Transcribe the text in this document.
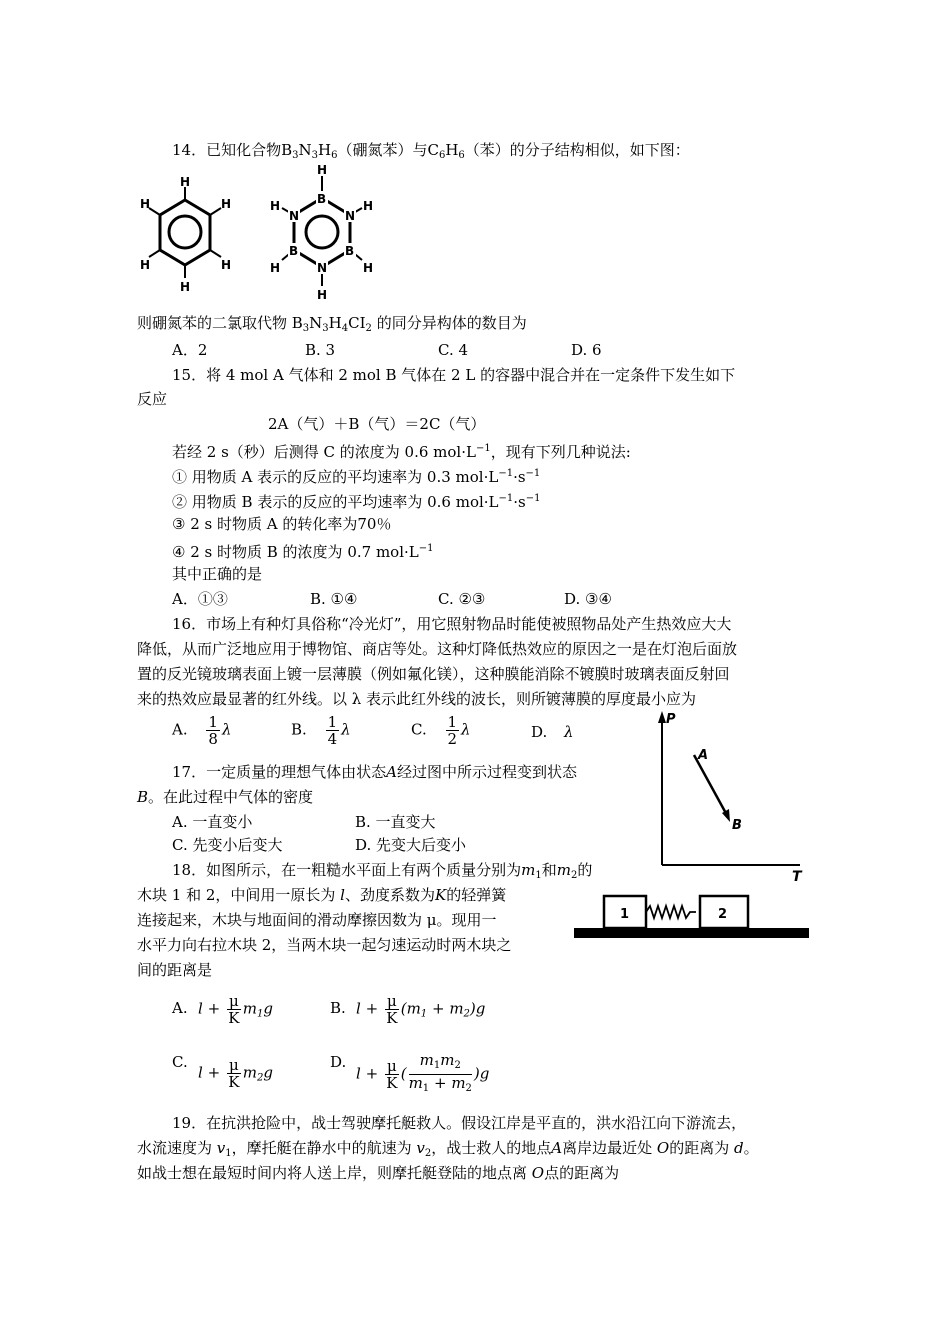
14．已知化合物$B_3N_3H_6$（硼氮苯）与$C_6H_6$（苯）的分子结构相似，如下图：
H
H
H
H
H
H	B
N
B
N
B
N
H
H
H
H
H
H
则硼氮苯的二氯取代物 $B_3N_3H_4CI_2$ 的同分异构体的数目为
A．2	B. 3	C. 4	D. 6
15．将 4 mol A 气体和 2 mol B 气体在 2 L 的容器中混合并在一定条件下发生如下
反应
2A（气）＋B（气）＝2C（气）
若经 2 s（秒）后测得 C 的浓度为 0.6 $mol\cdot L^{-1}$，现有下列几种说法:
① 用物质 A 表示的反应的平均速率为 0.3 $mol\cdot L^{-1}\cdot s^{-1}$
② 用物质 B 表示的反应的平均速率为 0.6 $mol\cdot L^{-1}\cdot s^{-1}$
③ 2 s 时物质 A 的转化率为70％
④ 2 s 时物质 B 的浓度为 0.7 $mol\cdot L^{-1}$
其中正确的是
A．①③	B. ①④	C. ②③	D. ③④
16．市场上有种灯具俗称“冷光灯”，用它照射物品时能使被照物品处产生热效应大大
降低，从而广泛地应用于博物馆、商店等处。这种灯降低热效应的原因之一是在灯泡后面放
置的反光镜玻璃表面上镀一层薄膜（例如氟化镁），这种膜能消除不镀膜时玻璃表面反射回
来的热效应最显著的红外线。以 λ 表示此红外线的波长，则所镀薄膜的厚度最小应为
A. $\frac{1}{8}$ λ	B. $\frac{1}{4}$ λ	C. $\frac{1}{2}$ λ	D. λ
17．一定质量的理想气体由状态A经过图中所示过程变到状态
B。在此过程中气体的密度
A. 一直变小	B. 一直变大
C. 先变小后变大	D. 先变大后变小
P
T
A
B
18．如图所示，在一粗糙水平面上有两个质量分别为$m_1$和$m_2$的
木块 1 和 2，中间用一原长为 l、劲度系数为K的轻弹簧
连接起来，木块与地面间的滑动摩擦因数为 μ。现用一
水平力向右拉木块 2，当两木块一起匀速运动时两木块之
间的距离是
1	2
A. $l + \frac{\mu}{K} m_1g$	B. $l + \frac{\mu}{K} (m_1 + m_2)g$
C.
$l + \frac{\mu}{K} m_2g$
D.
$l + \frac{\mu}{K}$ ( $\frac{m_1m_2}{m_1 + m_2} )g$
19．在抗洪抢险中，战士驾驶摩托艇救人。假设江岸是平直的，洪水沿江向下游流去，
水流速度为 $v_1$，摩托艇在静水中的航速为 $v_2$，战士救人的地点A离岸边最近处 O的距离为 d。
如战士想在最短时间内将人送上岸，则摩托艇登陆的地点离 O点的距离为
